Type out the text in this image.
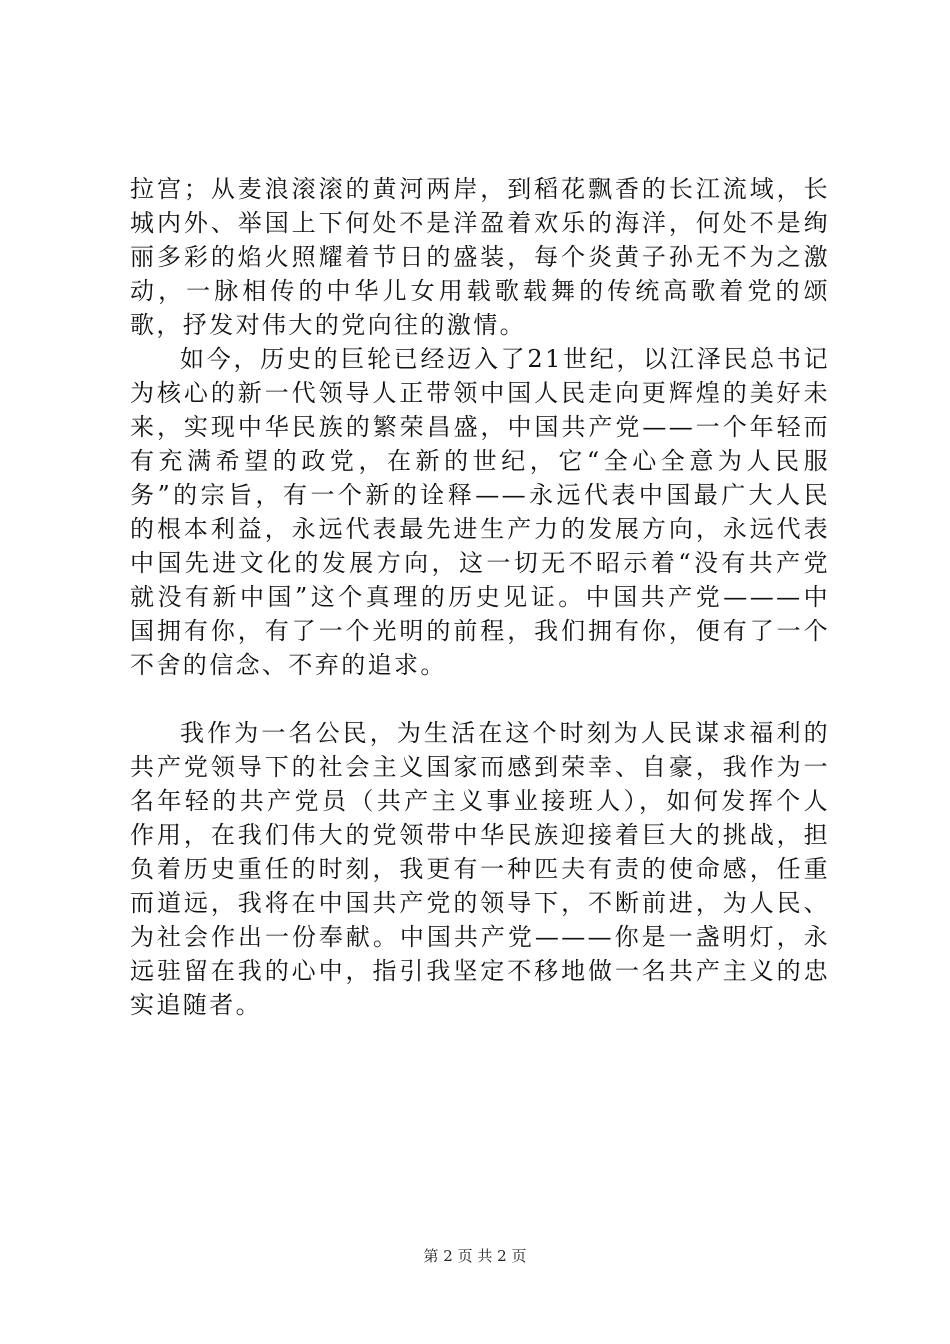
拉宫；从麦浪滚滚的黄河两岸，到稻花飘香的长江流域，长城内外、举国上下何处不是洋盈着欢乐的海洋，何处不是绚丽多彩的焰火照耀着节日的盛装，每个炎黄子孙无不为之激动，一脉相传的中华儿女用载歌载舞的传统高歌着党的颂歌，抒发对伟大的党向往的激情。

如今，历史的巨轮已经迈入了21世纪，以江泽民总书记为核心的新一代领导人正带领中国人民走向更辉煌的美好未来，实现中华民族的繁荣昌盛，中国共产党——一个年轻而有充满希望的政党，在新的世纪，它“全心全意为人民服务”的宗旨，有一个新的诠释——永远代表中国最广大人民的根本利益，永远代表最先进生产力的发展方向，永远代表中国先进文化的发展方向，这一切无不昭示着“没有共产党就没有新中国”这个真理的历史见证。中国共产党———中国拥有你，有了一个光明的前程，我们拥有你，便有了一个不舍的信念、不弃的追求。

我作为一名公民，为生活在这个时刻为人民谋求福利的共产党领导下的社会主义国家而感到荣幸、自豪，我作为一名年轻的共产党员（共产主义事业接班人），如何发挥个人作用，在我们伟大的党领带中华民族迎接着巨大的挑战，担负着历史重任的时刻，我更有一种匹夫有责的使命感，任重而道远，我将在中国共产党的领导下，不断前进，为人民、为社会作出一份奉献。中国共产党———你是一盏明灯，永远驻留在我的心中，指引我坚定不移地做一名共产主义的忠实追随者。

第 2 页 共 2 页
